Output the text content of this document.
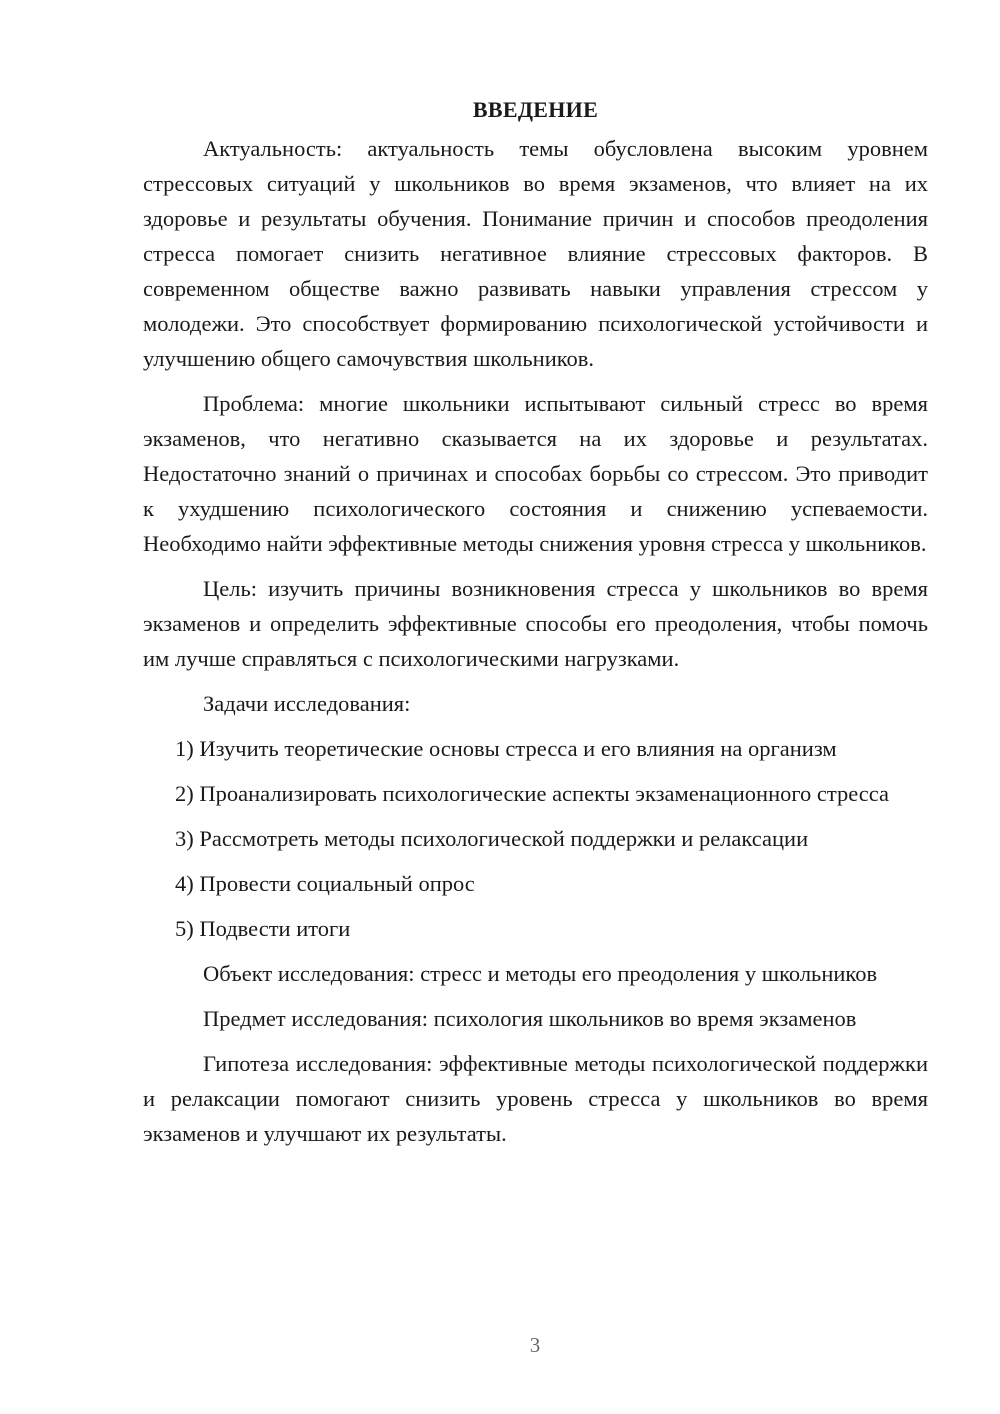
ВВЕДЕНИЕ

Актуальность: актуальность темы обусловлена высоким уровнем стрессовых ситуаций у школьников во время экзаменов, что влияет на их здоровье и результаты обучения. Понимание причин и способов преодоления стресса помогает снизить негативное влияние стрессовых факторов. В современном обществе важно развивать навыки управления стрессом у молодежи. Это способствует формированию психологической устойчивости и улучшению общего самочувствия школьников.

Проблема: многие школьники испытывают сильный стресс во время экзаменов, что негативно сказывается на их здоровье и результатах. Недостаточно знаний о причинах и способах борьбы со стрессом. Это приводит к ухудшению психологического состояния и снижению успеваемости. Необходимо найти эффективные методы снижения уровня стресса у школьников.

Цель: изучить причины возникновения стресса у школьников во время экзаменов и определить эффективные способы его преодоления, чтобы помочь им лучше справляться с психологическими нагрузками.

Задачи исследования:

1) Изучить теоретические основы стресса и его влияния на организм

2) Проанализировать психологические аспекты экзаменационного стресса

3) Рассмотреть методы психологической поддержки и релаксации

4) Провести социальный опрос

5) Подвести итоги

Объект исследования: стресс и методы его преодоления у школьников

Предмет исследования: психология школьников во время экзаменов

Гипотеза исследования: эффективные методы психологической поддержки и релаксации помогают снизить уровень стресса у школьников во время экзаменов и улучшают их результаты.

3
